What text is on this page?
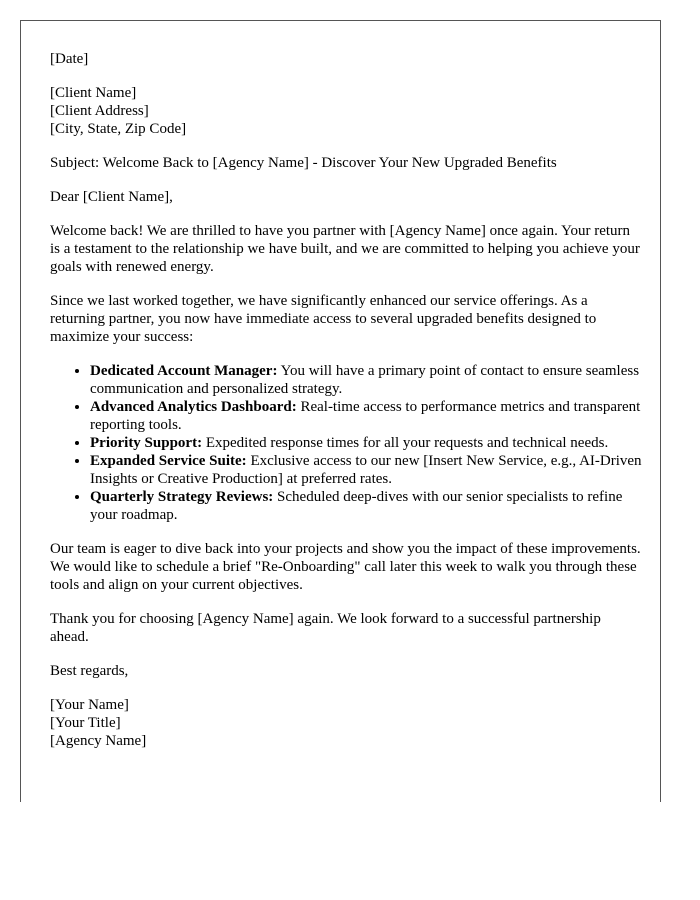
[Date]

[Client Name]
[Client Address]
[City, State, Zip Code]

Subject: Welcome Back to [Agency Name] - Discover Your New Upgraded Benefits

Dear [Client Name],

Welcome back! We are thrilled to have you partner with [Agency Name] once again. Your return is a testament to the relationship we have built, and we are committed to helping you achieve your goals with renewed energy.

Since we last worked together, we have significantly enhanced our service offerings. As a returning partner, you now have immediate access to several upgraded benefits designed to maximize your success:

• Dedicated Account Manager: You will have a primary point of contact to ensure seamless communication and personalized strategy.
• Advanced Analytics Dashboard: Real-time access to performance metrics and transparent reporting tools.
• Priority Support: Expedited response times for all your requests and technical needs.
• Expanded Service Suite: Exclusive access to our new [Insert New Service, e.g., AI-Driven Insights or Creative Production] at preferred rates.
• Quarterly Strategy Reviews: Scheduled deep-dives with our senior specialists to refine your roadmap.

Our team is eager to dive back into your projects and show you the impact of these improvements. We would like to schedule a brief "Re-Onboarding" call later this week to walk you through these tools and align on your current objectives.

Thank you for choosing [Agency Name] again. We look forward to a successful partnership ahead.

Best regards,

[Your Name]
[Your Title]
[Agency Name]
